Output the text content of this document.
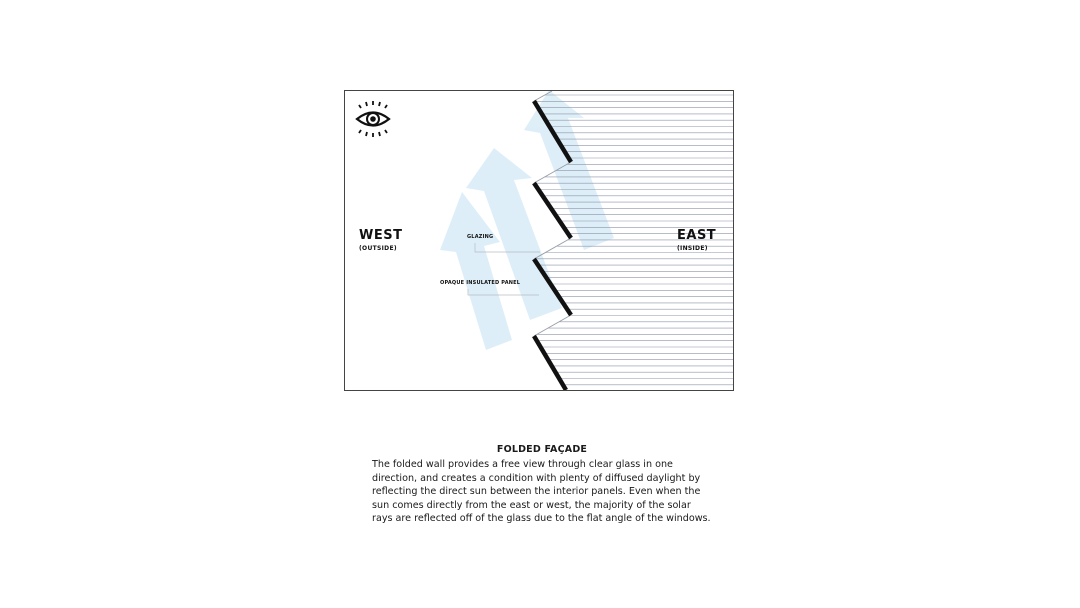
WEST
(OUTSIDE)
EAST
(INSIDE)
GLAZING
OPAQUE INSULATED PANEL

FOLDED FAÇADE

The folded wall provides a free view through clear glass in one direction, and creates a condition with plenty of diffused daylight by reflecting the direct sun between the interior panels. Even when the sun comes directly from the east or west, the majority of the solar rays are reflected off of the glass due to the flat angle of the windows.
